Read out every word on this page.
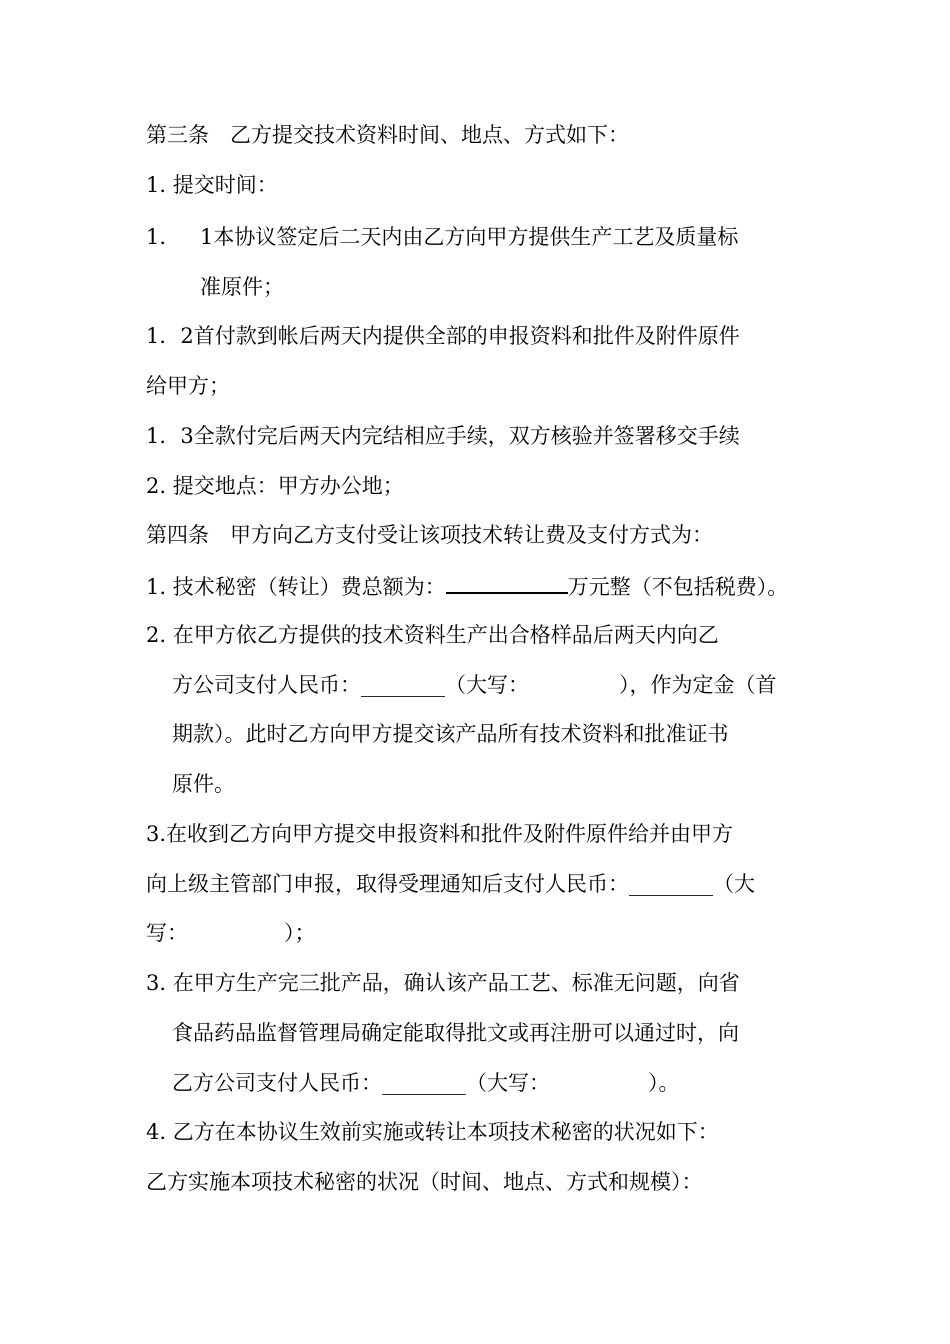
第三条　乙方提交技术资料时间、地点、方式如下：
1. 提交时间：
1. 1本协议签定后二天内由乙方向甲方提供生产工艺及质量标
准原件；
1．2首付款到帐后两天内提供全部的申报资料和批件及附件原件
给甲方；
1．3全款付完后两天内完结相应手续，双方核验并签署移交手续
2. 提交地点：甲方办公地；
第四条　甲方向乙方支付受让该项技术转让费及支付方式为：
1. 技术秘密（转让）费总额为：	万元整（不包括税费）。
2. 在甲方依乙方提供的技术资料生产出合格样品后两天内向乙
方公司支付人民币：________（大写：	），作为定金（首
期款）。此时乙方向甲方提交该产品所有技术资料和批准证书
原件。
3.在收到乙方向甲方提交申报资料和批件及附件原件给并由甲方
向上级主管部门申报，取得受理通知后支付人民币：________（大
写：	）；
3. 在甲方生产完三批产品，确认该产品工艺、标准无问题，向省
食品药品监督管理局确定能取得批文或再注册可以通过时，向
乙方公司支付人民币：________（大写：	）。
4. 乙方在本协议生效前实施或转让本项技术秘密的状况如下：
乙方实施本项技术秘密的状况（时间、地点、方式和规模）：
